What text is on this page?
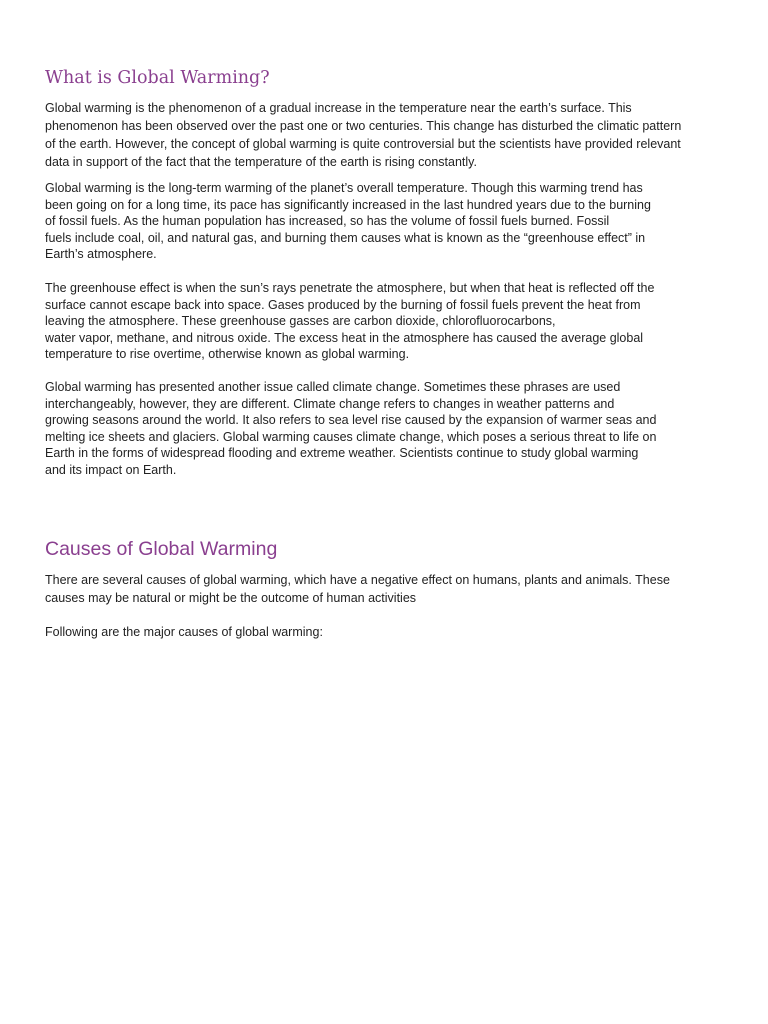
What is Global Warming?

Global warming is the phenomenon of a gradual increase in the temperature near the earth’s surface. This
phenomenon has been observed over the past one or two centuries. This change has disturbed the climatic pattern
of the earth. However, the concept of global warming is quite controversial but the scientists have provided relevant
data in support of the fact that the temperature of the earth is rising constantly.

Global warming is the long-term warming of the planet’s overall temperature. Though this warming trend has
been going on for a long time, its pace has significantly increased in the last hundred years due to the burning
of fossil fuels. As the human population has increased, so has the volume of fossil fuels burned. Fossil
fuels include coal, oil, and natural gas, and burning them causes what is known as the “greenhouse effect” in
Earth’s atmosphere.

The greenhouse effect is when the sun’s rays penetrate the atmosphere, but when that heat is reflected off the
surface cannot escape back into space. Gases produced by the burning of fossil fuels prevent the heat from
leaving the atmosphere. These greenhouse gasses are carbon dioxide, chlorofluorocarbons,
water vapor, methane, and nitrous oxide. The excess heat in the atmosphere has caused the average global
temperature to rise overtime, otherwise known as global warming.

Global warming has presented another issue called climate change. Sometimes these phrases are used
interchangeably, however, they are different. Climate change refers to changes in weather patterns and
growing seasons around the world. It also refers to sea level rise caused by the expansion of warmer seas and
melting ice sheets and glaciers. Global warming causes climate change, which poses a serious threat to life on
Earth in the forms of widespread flooding and extreme weather. Scientists continue to study global warming
and its impact on Earth.

Causes of Global Warming

There are several causes of global warming, which have a negative effect on humans, plants and animals. These
causes may be natural or might be the outcome of human activities

Following are the major causes of global warming:
